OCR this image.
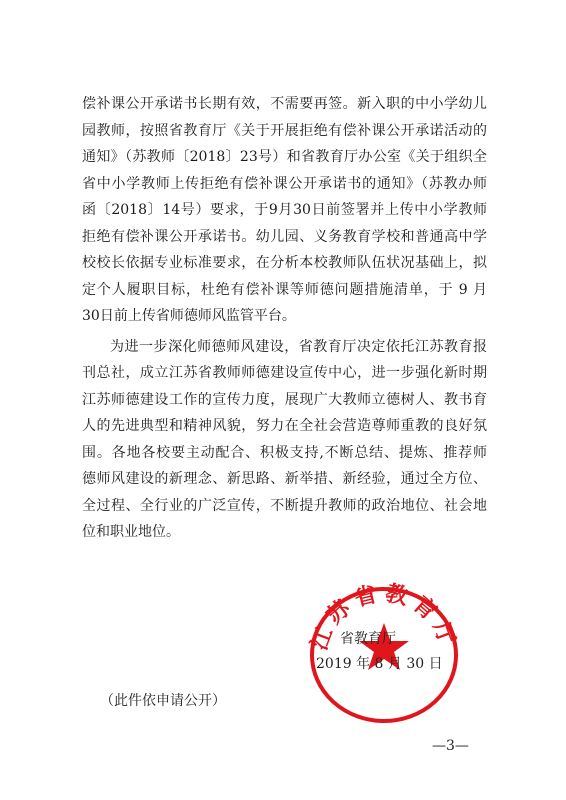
偿补课公开承诺书长期有效，不需要再签。新入职的中小学幼儿
园教师，按照省教育厅《关于开展拒绝有偿补课公开承诺活动的
通知》（苏教师〔2018〕23号）和省教育厅办公室《关于组织全
省中小学教师上传拒绝有偿补课公开承诺书的通知》（苏教办师
函〔2018〕14号）要求，于9月30日前签署并上传中小学教师
拒绝有偿补课公开承诺书。幼儿园、义务教育学校和普通高中学
校校长依据专业标准要求，在分析本校教师队伍状况基础上，拟
定个人履职目标，杜绝有偿补课等师德问题措施清单，于 9 月
30日前上传省师德师风监管平台。
为进一步深化师德师风建设，省教育厅决定依托江苏教育报
刊总社，成立江苏省教师师德建设宣传中心，进一步强化新时期
江苏师德建设工作的宣传力度，展现广大教师立德树人、教书育
人的先进典型和精神风貌，努力在全社会营造尊师重教的良好氛
围。各地各校要主动配合、积极支持,不断总结、提炼、推荐师
德师风建设的新理念、新思路、新举措、新经验，通过全方位、
全过程、全行业的广泛宣传，不断提升教师的政治地位、社会地
位和职业地位。
江苏省教育厅
省教育厅
2019 年 8 月 30 日
（此件依申请公开）
—3—
